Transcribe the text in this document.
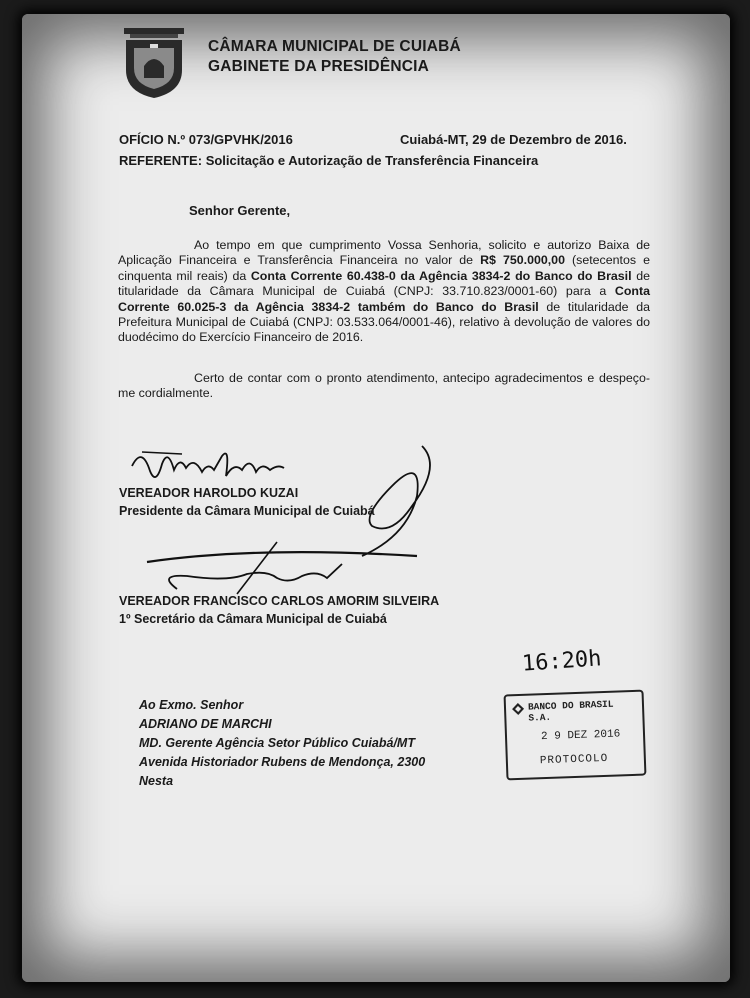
CÂMARA MUNICIPAL DE CUIABÁ
GABINETE DA PRESIDÊNCIA
OFÍCIO N.º 073/GPVHK/2016	Cuiabá-MT, 29 de Dezembro de 2016.
REFERENTE: Solicitação e Autorização de Transferência Financeira
Senhor Gerente,
Ao tempo em que cumprimento Vossa Senhoria, solicito e autorizo Baixa de Aplicação Financeira e Transferência Financeira no valor de R$ 750.000,00 (setecentos e cinquenta mil reais) da Conta Corrente 60.438-0 da Agência 3834-2 do Banco do Brasil de titularidade da Câmara Municipal de Cuiabá (CNPJ: 33.710.823/0001-60) para a Conta Corrente 60.025-3 da Agência 3834-2 também do Banco do Brasil de titularidade da Prefeitura Municipal de Cuiabá (CNPJ: 03.533.064/0001-46), relativo à devolução de valores do duodécimo do Exercício Financeiro de 2016.
Certo de contar com o pronto atendimento, antecipo agradecimentos e despeço-me cordialmente.
VEREADOR HAROLDO KUZAI
Presidente da Câmara Municipal de Cuiabá
VEREADOR FRANCISCO CARLOS AMORIM SILVEIRA
1º Secretário da Câmara Municipal de Cuiabá
Ao Exmo. Senhor
ADRIANO DE MARCHI
MD. Gerente Agência Setor Público Cuiabá/MT
Avenida Historiador Rubens de Mendonça, 2300
Nesta
16:20h
BANCO DO BRASIL S.A.
2 9 DEZ 2016
PROTOCOLO
